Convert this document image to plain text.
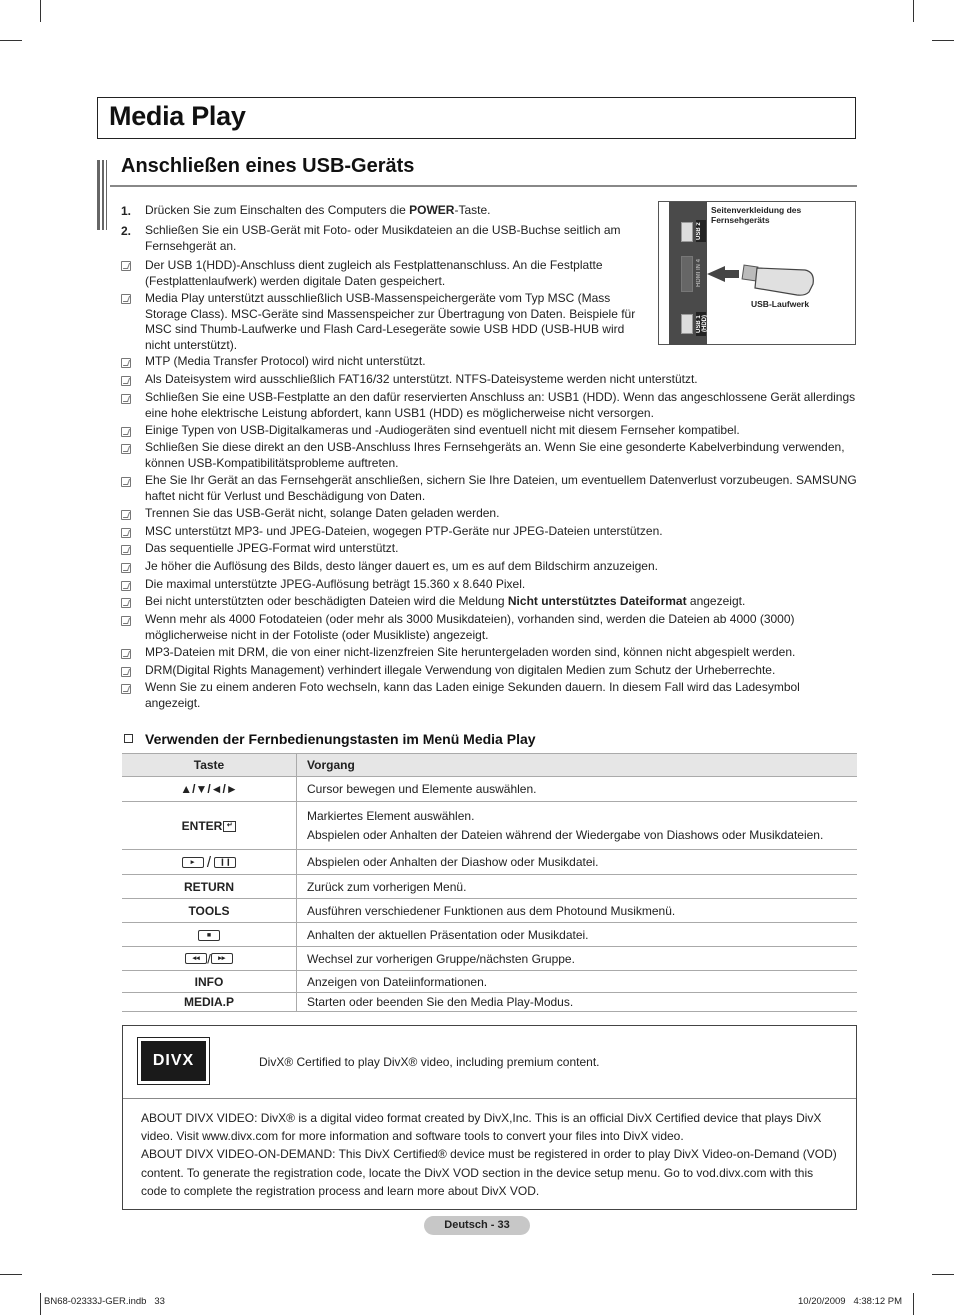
Media Play
Anschließen eines USB-Geräts
1. Drücken Sie zum Einschalten des Computers die POWER-Taste.
2. Schließen Sie ein USB-Gerät mit Foto- oder Musikdateien an die USB-Buchse seitlich am Fernsehgerät an.
Der USB 1(HDD)-Anschluss dient zugleich als Festplattenanschluss. An die Festplatte (Festplattenlaufwerk) werden digitale Daten gespeichert.
Media Play unterstützt ausschließlich USB-Massenspeichergeräte vom Typ MSC (Mass Storage Class). MSC-Geräte sind Massenspeicher zur Übertragung von Daten. Beispiele für MSC sind Thumb-Laufwerke und Flash Card-Lesegeräte sowie USB HDD (USB-HUB wird nicht unterstützt).
MTP (Media Transfer Protocol) wird nicht unterstützt.
Als Dateisystem wird ausschließlich FAT16/32 unterstützt. NTFS-Dateisysteme werden nicht unterstützt.
Schließen Sie eine USB-Festplatte an den dafür reservierten Anschluss an: USB1 (HDD). Wenn das angeschlossene Gerät allerdings eine hohe elektrische Leistung abfordert, kann USB1 (HDD) es möglicherweise nicht versorgen.
Einige Typen von USB-Digitalkameras und -Audiogeräten sind eventuell nicht mit diesem Fernseher kompatibel.
Schließen Sie diese direkt an den USB-Anschluss Ihres Fernsehgeräts an. Wenn Sie eine gesonderte Kabelverbindung verwenden, können USB-Kompatibilitätsprobleme auftreten.
Ehe Sie Ihr Gerät an das Fernsehgerät anschließen, sichern Sie Ihre Dateien, um eventuellem Datenverlust vorzubeugen. SAMSUNG haftet nicht für Verlust und Beschädigung von Daten.
Trennen Sie das USB-Gerät nicht, solange Daten geladen werden.
MSC unterstützt MP3- und JPEG-Dateien, wogegen PTP-Geräte nur JPEG-Dateien unterstützen.
Das sequentielle JPEG-Format wird unterstützt.
Je höher die Auflösung des Bilds, desto länger dauert es, um es auf dem Bildschirm anzuzeigen.
Die maximal unterstützte JPEG-Auflösung beträgt 15.360 x 8.640 Pixel.
Bei nicht unterstützten oder beschädigten Dateien wird die Meldung Nicht unterstütztes Dateiformat angezeigt.
Wenn mehr als 4000 Fotodateien (oder mehr als 3000 Musikdateien), vorhanden sind, werden die Dateien ab 4000 (3000) möglicherweise nicht in der Fotoliste (oder Musikliste) angezeigt.
MP3-Dateien mit DRM, die von einer nicht-lizenzfreien Site heruntergeladen worden sind, können nicht abgespielt werden.
DRM(Digital Rights Management) verhindert illegale Verwendung von digitalen Medien zum Schutz der Urheberrechte.
Wenn Sie zu einem anderen Foto wechseln, kann das Laden einige Sekunden dauern. In diesem Fall wird das Ladesymbol angezeigt.
USB 2
HDMI IN 4
USB 1 (HDD)
Seitenverkleidung des Fernsehgeräts
USB-Laufwerk
Verwenden der Fernbedienungstasten im Menü Media Play
Taste	Vorgang
▲/▼/◄/►	Cursor bewegen und Elemente auswählen.
ENTER ↵	Markiertes Element auswählen.
Abspielen oder Anhalten der Dateien während der Wiedergabe von Diashows oder Musikdateien.

▸ / ❙❙	Abspielen oder Anhalten der Diashow oder Musikdatei.
RETURN	Zurück zum vorherigen Menü.
TOOLS	Ausführen verschiedener Funktionen aus dem Photound Musikmenü.
■	Anhalten der aktuellen Präsentation oder Musikdatei.
◂◂ / ▸▸	Wechsel zur vorherigen Gruppe/nächsten Gruppe.
INFO	Anzeigen von Dateiinformationen.
MEDIA.P	Starten oder beenden Sie den Media Play-Modus.
DIVX	DivX® Certified to play DivX® video, including premium content.
ABOUT DIVX VIDEO: DivX® is a digital video format created by DivX,Inc. This is an official DivX Certified device that plays DivX video. Visit www.divx.com for more information and software tools to convert your files into DivX video.
ABOUT DIVX VIDEO-ON-DEMAND: This DivX Certified® device must be registered in order to play DivX Video-on-Demand (VOD) content. To generate the registration code, locate the DivX VOD section in the device setup menu. Go to vod.divx.com with this code to complete the registration process and learn more about DivX VOD.
Deutsch - 33
BN68-02333J-GER.indb   33	10/20/2009   4:38:12 PM
